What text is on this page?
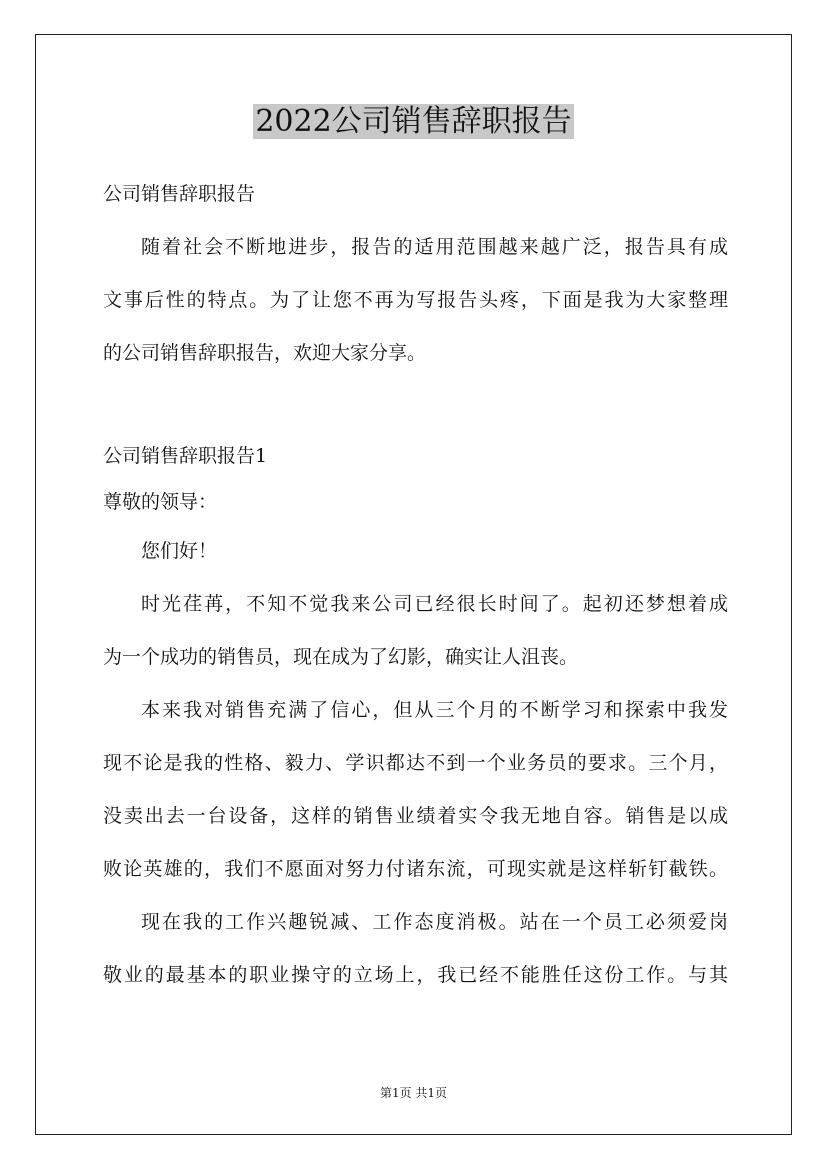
2022公司销售辞职报告
公司销售辞职报告
随着社会不断地进步，报告的适用范围越来越广泛，报告具有成
文事后性的特点。为了让您不再为写报告头疼，下面是我为大家整理
的公司销售辞职报告，欢迎大家分享。
公司销售辞职报告1
尊敬的领导：
您们好！
时光荏苒，不知不觉我来公司已经很长时间了。起初还梦想着成
为一个成功的销售员，现在成为了幻影，确实让人沮丧。
本来我对销售充满了信心，但从三个月的不断学习和探索中我发
现不论是我的性格、毅力、学识都达不到一个业务员的要求。三个月，
没卖出去一台设备，这样的销售业绩着实令我无地自容。销售是以成
败论英雄的，我们不愿面对努力付诸东流，可现实就是这样斩钉截铁。
现在我的工作兴趣锐减、工作态度消极。站在一个员工必须爱岗
敬业的最基本的职业操守的立场上，我已经不能胜任这份工作。与其
第1页 共1页
